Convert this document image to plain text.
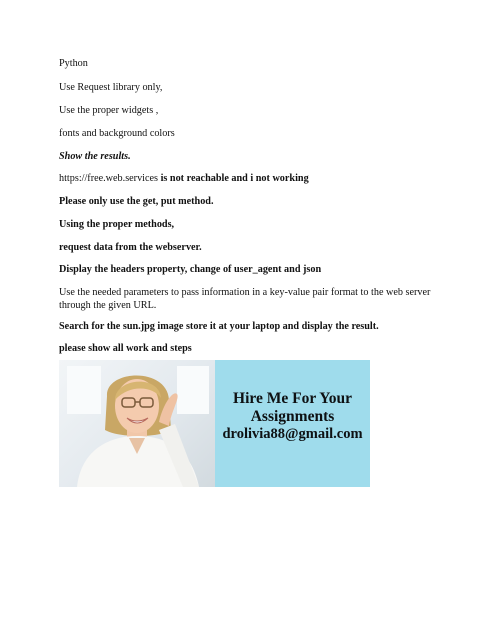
Python

Use Request library only,

Use the proper widgets ,

fonts and background colors

Show the results.

https://free.web.services is not reachable and i not working

Please only use the get, put method.

Using the proper methods,

request data from the webserver.

Display the headers property, change of user_agent and json

Use the needed parameters to pass information in a key-value pair format to the web server through the given URL.

Search for the sun.jpg image store it at your laptop and display the result.

please show all work and steps

Hire Me For Your
Assignments
drolivia88@gmail.com
